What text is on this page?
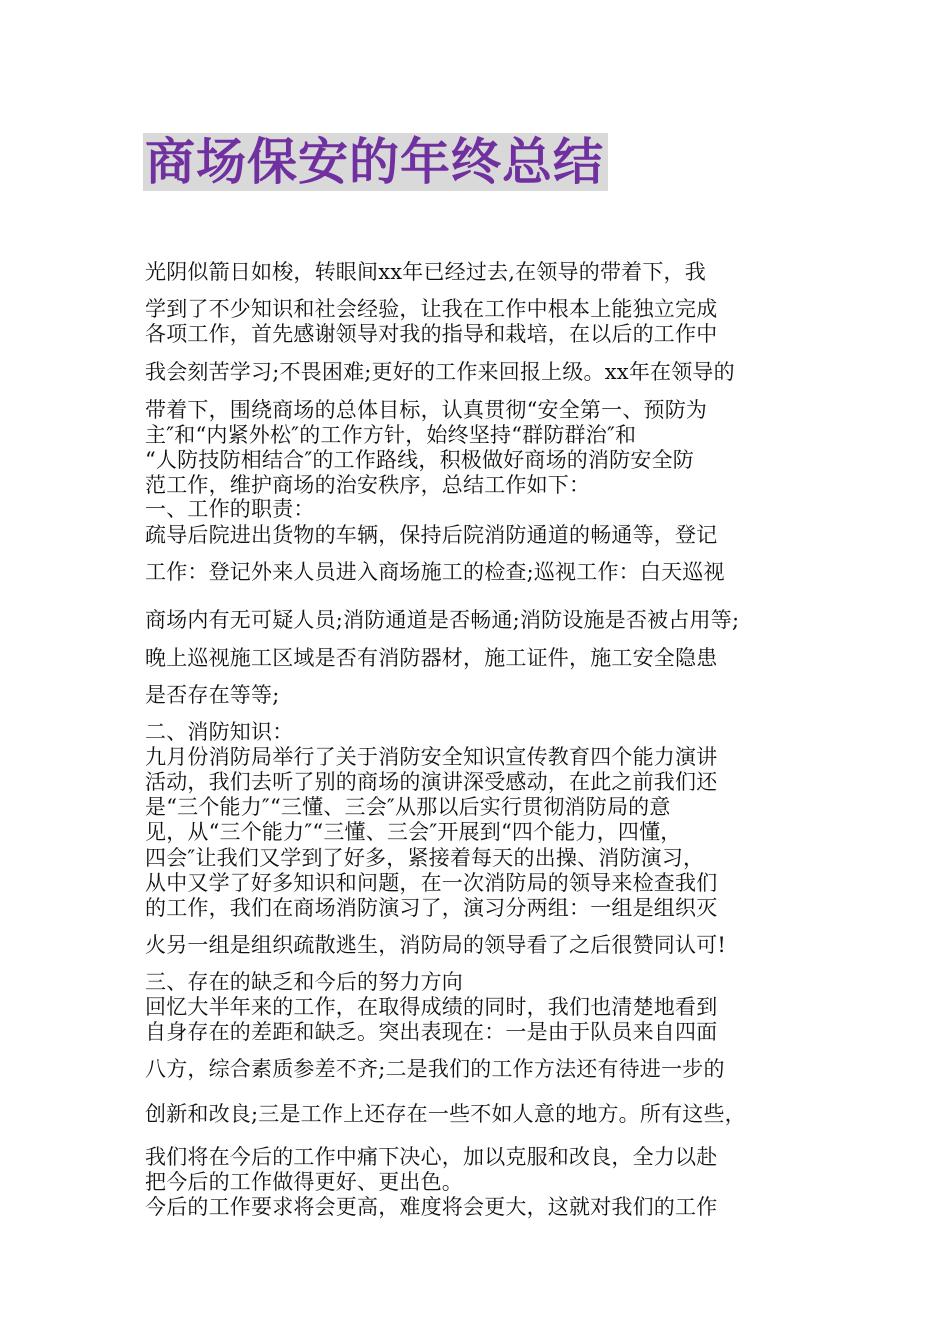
商场保安的年终总结
光阴似箭日如梭，转眼间xx年已经过去,在领导的带着下，我
学到了不少知识和社会经验，让我在工作中根本上能独立完成
各项工作，首先感谢领导对我的指导和栽培，在以后的工作中
我会刻苦学习;不畏困难;更好的工作来回报上级。xx年在领导的
带着下，围绕商场的总体目标，认真贯彻“安全第一、预防为
主″和“内紧外松″的工作方针，始终坚持“群防群治″和
“人防技防相结合″的工作路线，积极做好商场的消防安全防
范工作，维护商场的治安秩序，总结工作如下：
一、工作的职责：
疏导后院进出货物的车辆，保持后院消防通道的畅通等，登记
工作：登记外来人员进入商场施工的检查;巡视工作：白天巡视
商场内有无可疑人员;消防通道是否畅通;消防设施是否被占用等;
晚上巡视施工区域是否有消防器材，施工证件，施工安全隐患
是否存在等等;
二、消防知识：
九月份消防局举行了关于消防安全知识宣传教育四个能力演讲
活动，我们去听了别的商场的演讲深受感动，在此之前我们还
是“三个能力″“三懂、三会″从那以后实行贯彻消防局的意
见，从“三个能力″“三懂、三会″开展到“四个能力，四懂，
四会″让我们又学到了好多，紧接着每天的出操、消防演习，
从中又学了好多知识和问题，在一次消防局的领导来检查我们
的工作，我们在商场消防演习了，演习分两组：一组是组织灭
火另一组是组织疏散逃生，消防局的领导看了之后很赞同认可!
三、存在的缺乏和今后的努力方向
回忆大半年来的工作，在取得成绩的同时，我们也清楚地看到
自身存在的差距和缺乏。突出表现在：一是由于队员来自四面
八方，综合素质参差不齐;二是我们的工作方法还有待进一步的
创新和改良;三是工作上还存在一些不如人意的地方。所有这些，
我们将在今后的工作中痛下决心，加以克服和改良，全力以赴
把今后的工作做得更好、更出色。
今后的工作要求将会更高，难度将会更大，这就对我们的工作
